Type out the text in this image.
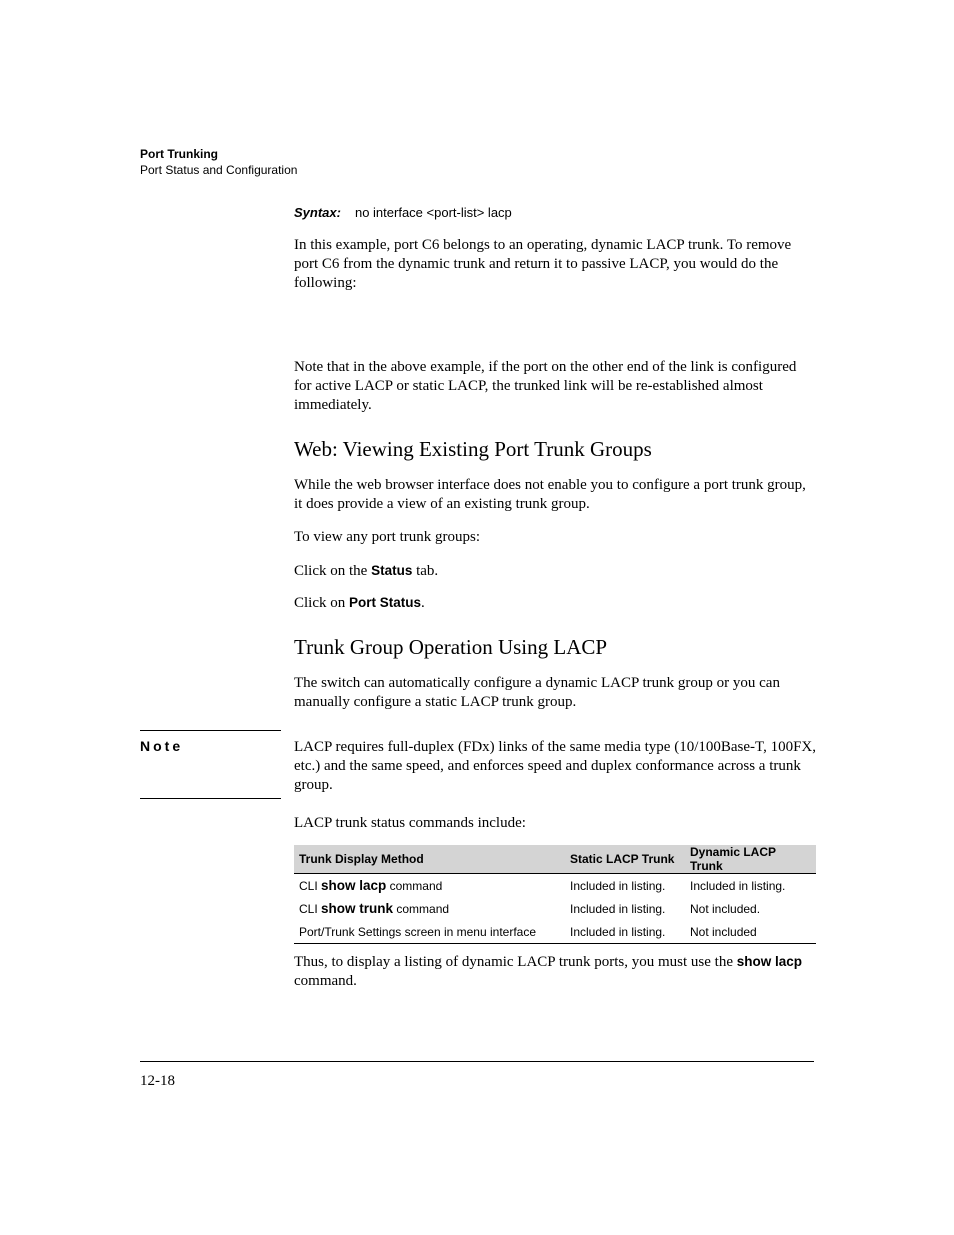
Port Trunking
Port Status and Configuration
Syntax: no interface <port-list> lacp
In this example, port C6 belongs to an operating, dynamic LACP trunk. To remove port C6 from the dynamic trunk and return it to passive LACP, you would do the following:
Note that in the above example, if the port on the other end of the link is configured for active LACP or static LACP, the trunked link will be re-established almost immediately.
Web: Viewing Existing Port Trunk Groups
While the web browser interface does not enable you to configure a port trunk group, it does provide a view of an existing trunk group.
To view any port trunk groups:
Click on the Status tab.
Click on Port Status.
Trunk Group Operation Using LACP
The switch can automatically configure a dynamic LACP trunk group or you can manually configure a static LACP trunk group.
Note	LACP requires full-duplex (FDx) links of the same media type (10/100Base-T, 100FX, etc.) and the same speed, and enforces speed and duplex conformance across a trunk group.
LACP trunk status commands include:
Trunk Display Method	Static LACP Trunk	Dynamic LACP Trunk
CLI show lacp command	Included in listing.	Included in listing.
CLI show trunk command	Included in listing.	Not included.
Port/Trunk Settings screen in menu interface	Included in listing.	Not included
Thus, to display a listing of dynamic LACP trunk ports, you must use the show lacp command.
12-18
